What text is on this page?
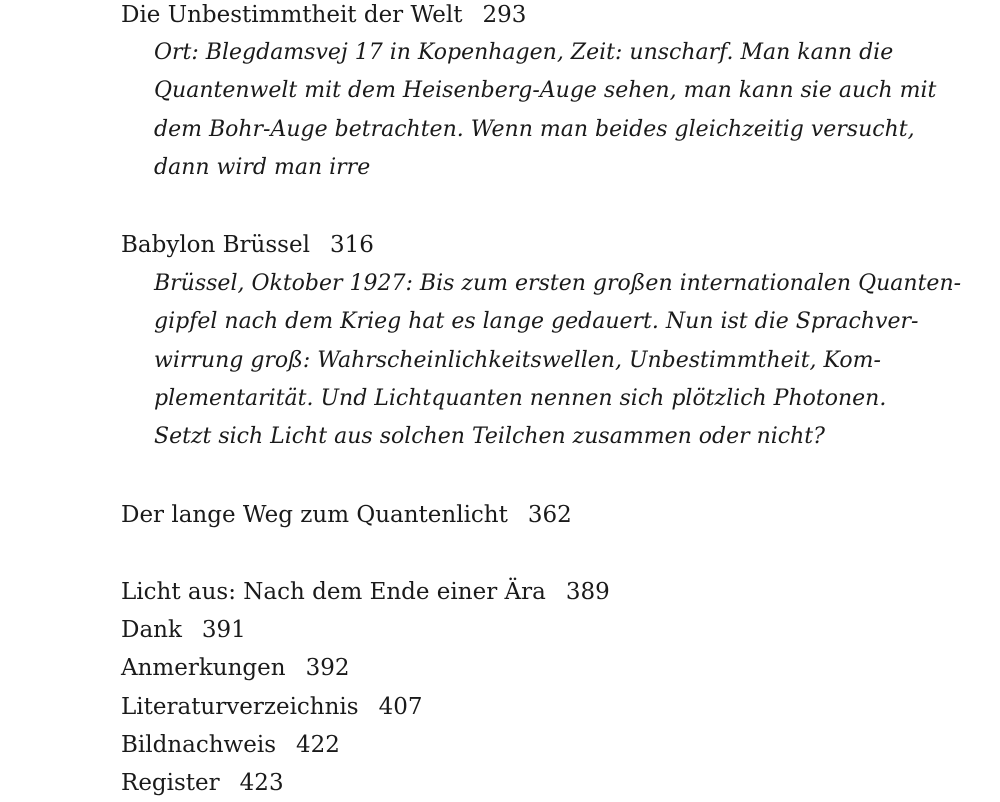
Die Unbestimmtheit der Welt 293
Ort: Blegdamsvej 17 in Kopenhagen, Zeit: unscharf. Man kann die
Quantenwelt mit dem Heisenberg-Auge sehen, man kann sie auch mit
dem Bohr-Auge betrachten. Wenn man beides gleichzeitig versucht,
dann wird man irre
Babylon Brüssel 316
Brüssel, Oktober 1927: Bis zum ersten großen internationalen Quanten-
gipfel nach dem Krieg hat es lange gedauert. Nun ist die Sprachver-
wirrung groß: Wahrscheinlichkeitswellen, Unbestimmtheit, Kom-
plementarität. Und Lichtquanten nennen sich plötzlich Photonen.
Setzt sich Licht aus solchen Teilchen zusammen oder nicht?
Der lange Weg zum Quantenlicht 362
Licht aus: Nach dem Ende einer Ära 389
Dank 391
Anmerkungen 392
Literaturverzeichnis 407
Bildnachweis 422
Register 423
